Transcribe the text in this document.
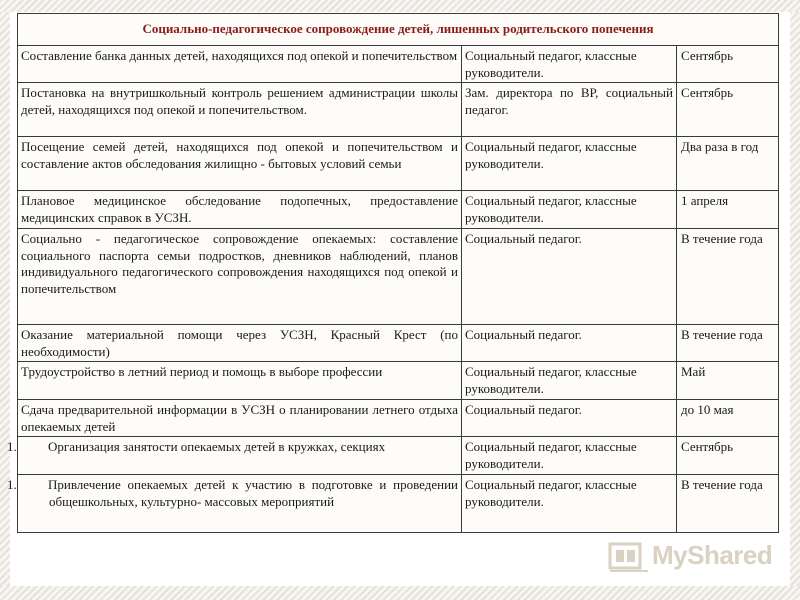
Социально-педагогическое сопровождение детей, лишенных родительского попечения		
Составление банка данных детей, находящихся под опекой и попечительством	Социальный педагог, классные руководители.	Сентябрь
Постановка на внутришкольный контроль решением администрации школы детей, находящихся под опекой и попечительством.	Зам. директора по ВР, социальный педагог.	Сентябрь
Посещение семей детей, находящихся под опекой и попечительством и составление актов обследования жилищно - бытовых условий семьи	Социальный педагог, классные руководители.	Два раза в год
Плановое медицинское обследование подопечных, предоставление медицинских справок в УСЗН.	Социальный педагог, классные руководители.	1 апреля
Социально - педагогическое сопровождение опекаемых: составление социального паспорта семьи подростков, дневников наблюдений, планов индивидуального педагогического сопровождения находящихся под опекой и попечительством	Социальный педагог.	В течение года
Оказание материальной помощи через УСЗН, Красный Крест (по необходимости)	Социальный педагог.	В течение года
Трудоустройство в летний период и помощь в выборе профессии	Социальный педагог, классные руководители.	Май
Сдача предварительной информации в УСЗН о планировании летнего отдыха опекаемых детей	Социальный педагог.	до 10 мая

1. Организация занятости опекаемых детей в кружках, секциях	Социальный педагог, классные руководители.	Сентябрь

1. Привлечение опекаемых детей к участию в подготовке и проведении общешкольных, культурно- массовых мероприятий	Социальный педагог, классные руководители.	В течение года
MyShared
